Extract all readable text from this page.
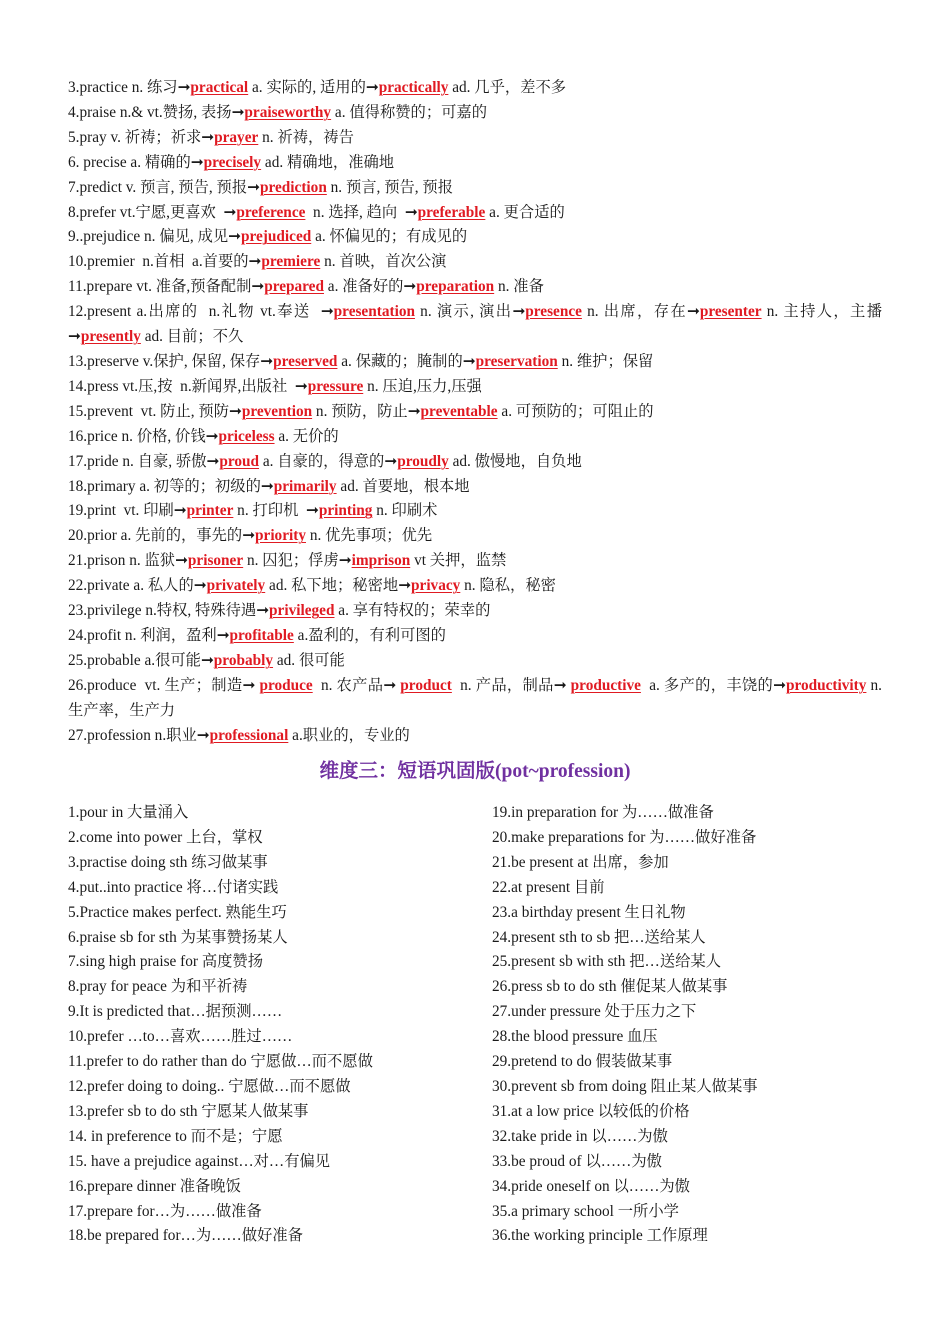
3.practice n. 练习➞practical a. 实际的, 适用的➞practically ad. 几乎，差不多
4.praise n.& vt.赞扬, 表扬➞praiseworthy a. 值得称赞的；可嘉的
5.pray v. 祈祷；祈求➞prayer n. 祈祷，祷告
6. precise a. 精确的➞precisely ad. 精确地，准确地
7.predict v. 预言, 预告, 预报➞prediction n. 预言, 预告, 预报
8.prefer vt.宁愿,更喜欢  ➞preference  n. 选择, 趋向  ➞preferable a. 更合适的
9..prejudice n. 偏见, 成见➞prejudiced a. 怀偏见的；有成见的
10.premier  n.首相  a.首要的➞premiere n. 首映，首次公演
11.prepare vt. 准备,预备配制➞prepared a. 准备好的➞preparation n. 准备
12.present a.出席的  n.礼物 vt.奉送  ➞presentation n. 演示, 演出➞presence n. 出席，存在➞presenter n. 主持人，主播➞presently ad. 目前；不久
13.preserve v.保护, 保留, 保存➞preserved a. 保藏的；腌制的➞preservation n. 维护；保留
14.press vt.压,按  n.新闻界,出版社  ➞pressure n. 压迫,压力,压强
15.prevent  vt. 防止, 预防➞prevention n. 预防，防止➞preventable a. 可预防的；可阻止的
16.price n. 价格, 价钱➞priceless a. 无价的
17.pride n. 自豪, 骄傲➞proud a. 自豪的，得意的➞proudly ad. 傲慢地，自负地
18.primary a. 初等的；初级的➞primarily ad. 首要地，根本地
19.print  vt. 印刷➞printer n. 打印机  ➞printing n. 印刷术
20.prior a. 先前的，事先的➞priority n. 优先事项；优先
21.prison n. 监狱➞prisoner n. 囚犯；俘虏➞imprison vt 关押，监禁
22.private a. 私人的➞privately ad. 私下地；秘密地➞privacy n. 隐私，秘密
23.privilege n.特权, 特殊待遇➞privileged a. 享有特权的；荣幸的
24.profit n. 利润，盈利➞profitable a.盈利的，有利可图的
25.probable a.很可能➞probably ad. 很可能
26.produce  vt. 生产；制造➞ produce  n. 农产品➞ product  n. 产品，制品➞ productive  a. 多产的，丰饶的➞productivity n.生产率，生产力
27.profession n.职业➞professional a.职业的，专业的
维度三：短语巩固版(pot~profession)
1.pour in 大量涌入
2.come into power 上台，掌权
3.practise doing sth 练习做某事
4.put..into practice 将…付诸实践
5.Practice makes perfect. 熟能生巧
6.praise sb for sth 为某事赞扬某人
7.sing high praise for 高度赞扬
8.pray for peace 为和平祈祷
9.It is predicted that…据预测……
10.prefer …to…喜欢……胜过……
11.prefer to do rather than do 宁愿做…而不愿做
12.prefer doing to doing.. 宁愿做…而不愿做
13.prefer sb to do sth 宁愿某人做某事
14. in preference to 而不是；宁愿
15. have a prejudice against…对…有偏见
16.prepare dinner 准备晚饭
17.prepare for…为……做准备
18.be prepared for…为……做好准备
19.in preparation for 为……做准备
20.make preparations for 为……做好准备
21.be present at 出席，参加
22.at present 目前
23.a birthday present 生日礼物
24.present sth to sb 把…送给某人
25.present sb with sth 把…送给某人
26.press sb to do sth 催促某人做某事
27.under pressure 处于压力之下
28.the blood pressure 血压
29.pretend to do 假装做某事
30.prevent sb from doing 阻止某人做某事
31.at a low price 以较低的价格
32.take pride in 以……为傲
33.be proud of 以……为傲
34.pride oneself on 以……为傲
35.a primary school 一所小学
36.the working principle 工作原理
